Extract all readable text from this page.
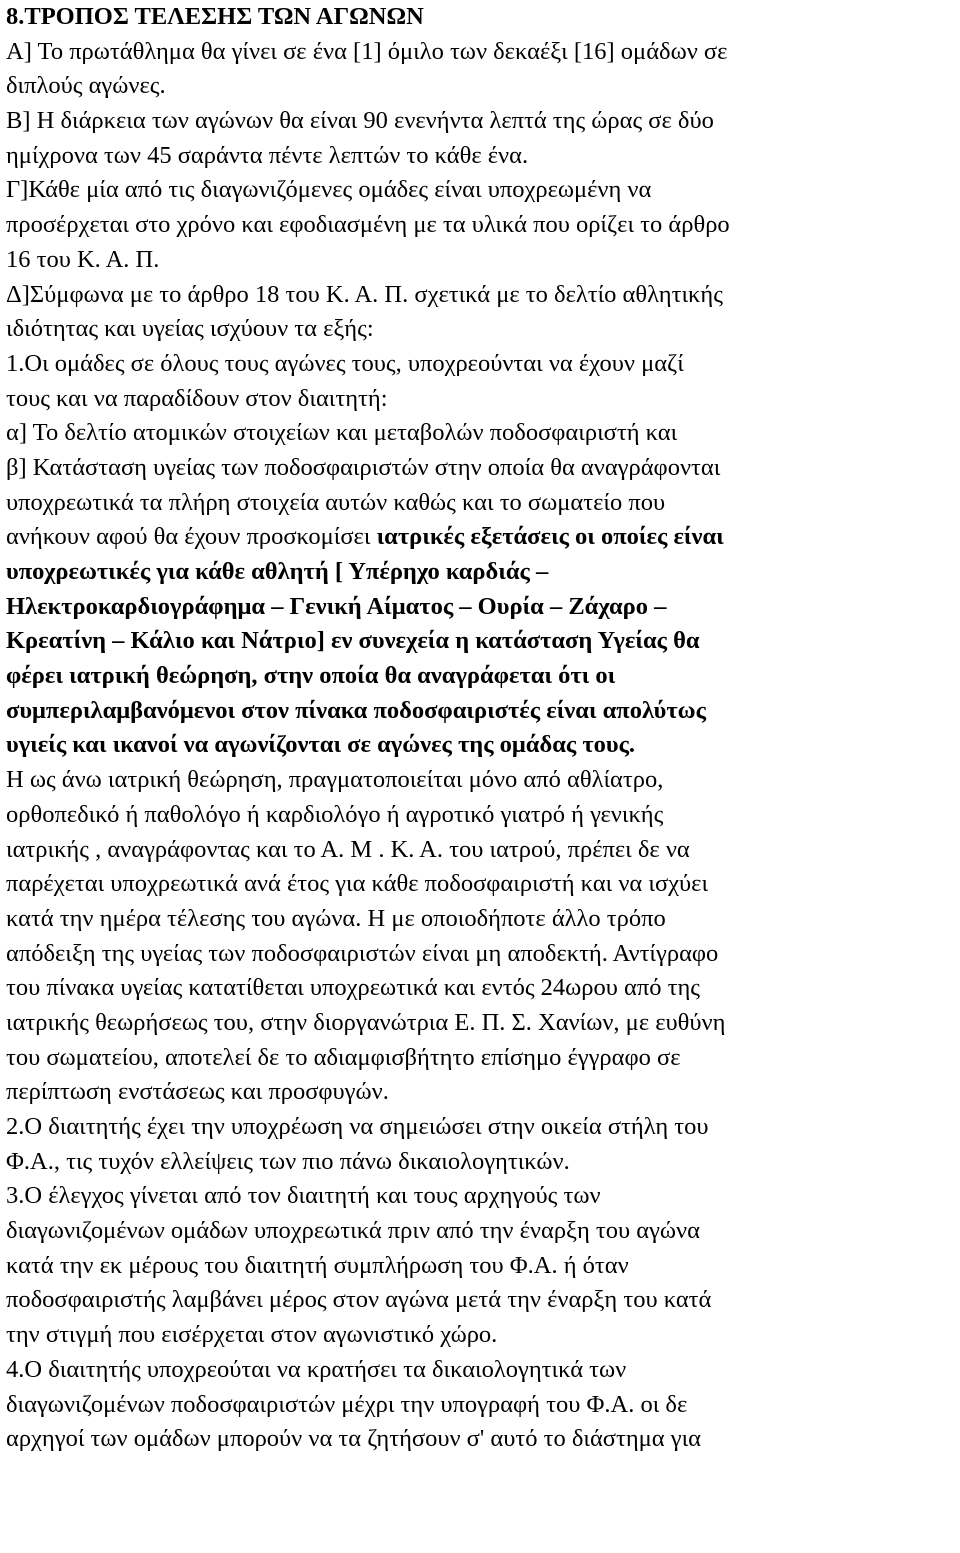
8.ΤΡΟΠΟΣ ΤΕΛΕΣΗΣ ΤΩΝ ΑΓΩΝΩΝ
Α] Το πρωτάθλημα θα γίνει σε ένα [1] όμιλο των δεκαέξι [16] ομάδων σε
διπλούς αγώνες.
Β] Η διάρκεια των αγώνων θα είναι 90 ενενήντα λεπτά της ώρας σε δύο
ημίχρονα των 45 σαράντα πέντε λεπτών το κάθε ένα.
Γ]Κάθε μία από τις διαγωνιζόμενες ομάδες είναι υποχρεωμένη να
προσέρχεται στο χρόνο και εφοδιασμένη με τα υλικά που ορίζει το άρθρο
16 του Κ. Α. Π.
Δ]Σύμφωνα με το άρθρο 18 του Κ. Α. Π. σχετικά με το δελτίο αθλητικής
ιδιότητας και υγείας ισχύουν τα εξής:
1.Οι ομάδες σε όλους τους αγώνες τους, υποχρεούνται να έχουν μαζί
τους και να παραδίδουν στον διαιτητή:
α] Το δελτίο ατομικών στοιχείων και μεταβολών ποδοσφαιριστή και
β] Κατάσταση υγείας των ποδοσφαιριστών στην οποία θα αναγράφονται
υποχρεωτικά τα πλήρη στοιχεία αυτών καθώς και το σωματείο που
ανήκουν αφού θα έχουν προσκομίσει ιατρικές εξετάσεις οι οποίες είναι
υποχρεωτικές για κάθε αθλητή [ Υπέρηχο καρδιάς –
Ηλεκτροκαρδιογράφημα – Γενική Αίματος – Ουρία – Ζάχαρο –
Κρεατίνη – Κάλιο και Νάτριο] εν συνεχεία η κατάσταση Υγείας θα
φέρει ιατρική θεώρηση, στην οποία θα αναγράφεται ότι οι
συμπεριλαμβανόμενοι στον πίνακα ποδοσφαιριστές είναι απολύτως
υγιείς και ικανοί να αγωνίζονται σε αγώνες της ομάδας τους.
Η ως άνω ιατρική θεώρηση, πραγματοποιείται μόνο από αθλίατρο,
ορθοπεδικό ή παθολόγο ή καρδιολόγο ή αγροτικό γιατρό ή γενικής
ιατρικής , αναγράφοντας και το Α. Μ . Κ. Α. του ιατρού, πρέπει δε να
παρέχεται υποχρεωτικά ανά έτος για κάθε ποδοσφαιριστή και να ισχύει
κατά την ημέρα τέλεσης του αγώνα. Η με οποιοδήποτε άλλο τρόπο
απόδειξη της υγείας των ποδοσφαιριστών είναι μη αποδεκτή. Αντίγραφο
του πίνακα υγείας κατατίθεται υποχρεωτικά και εντός 24ωρου από της
ιατρικής θεωρήσεως του, στην διοργανώτρια Ε. Π. Σ. Χανίων, με ευθύνη
του σωματείου, αποτελεί δε το αδιαμφισβήτητο επίσημο έγγραφο σε
περίπτωση ενστάσεως και προσφυγών.
2.Ο διαιτητής έχει την υποχρέωση να σημειώσει στην οικεία στήλη του
Φ.Α., τις τυχόν ελλείψεις των πιο πάνω δικαιολογητικών.
3.Ο έλεγχος γίνεται από τον διαιτητή και τους αρχηγούς των
διαγωνιζομένων ομάδων υποχρεωτικά πριν από την έναρξη του αγώνα
κατά την εκ μέρους του διαιτητή συμπλήρωση του Φ.Α. ή όταν
ποδοσφαιριστής λαμβάνει μέρος στον αγώνα μετά την έναρξη του κατά
την στιγμή που εισέρχεται στον αγωνιστικό χώρο.
4.Ο διαιτητής υποχρεούται να κρατήσει τα δικαιολογητικά των
διαγωνιζομένων ποδοσφαιριστών μέχρι την υπογραφή του Φ.Α. οι δε
αρχηγοί των ομάδων μπορούν να τα ζητήσουν σ' αυτό το διάστημα για
